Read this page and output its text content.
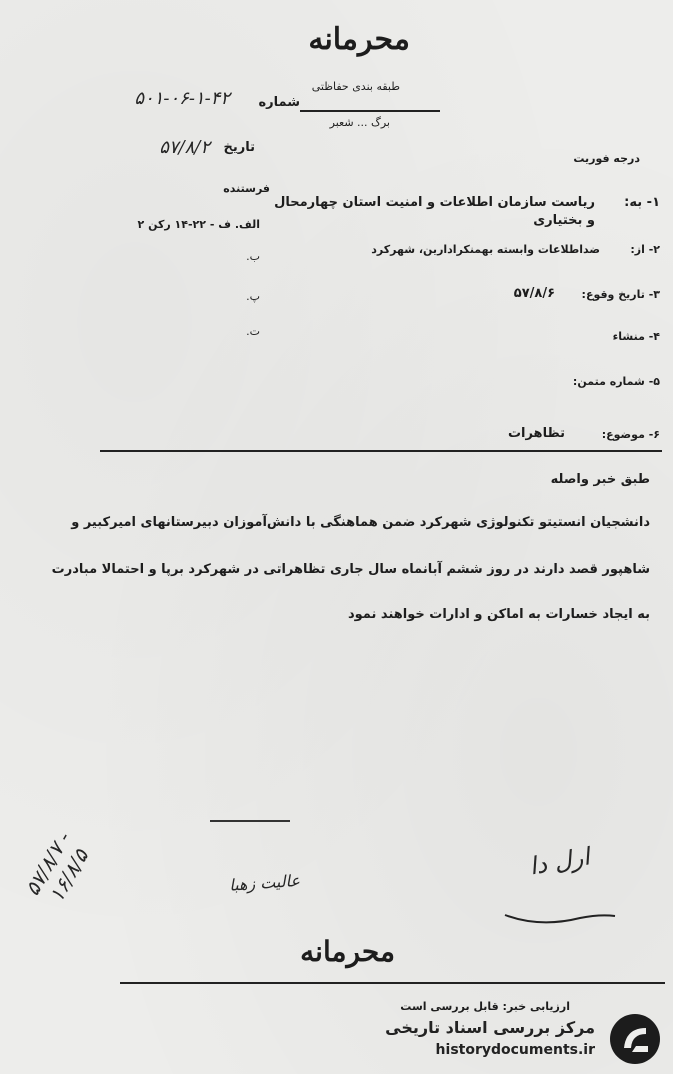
محرمانه
طبقه بندی حفاظتی
برگ ... شعبر
شماره
۵۰۱-۰۶-۱-۴۲
تاریخ
۵۷/۸/۲
درجه فوریت
فرستنده
الف. ف - ۲۲-۱۴ رکن ۲
ب.
پ.
ت.
۱- به:
ریاست سازمان اطلاعات و امنیت استان چهارمحال
و بختیاری
۲- از:
ضداطلاعات وابسته بهمنکرادارین، شهرکرد
۳- تاریخ وقوع:
۵۷/۸/۶
۴- منشاء
۵- شماره متمن:
۶- موضوع:
تظاهرات
طبق خبر واصله
دانشجیان انستیتو تکنولوژی شهرکرد ضمن هماهنگی با دانش‌آموزان دبیرستانهای امیرکبیر و
شاهپور قصد دارند در روز ششم آبانماه سال جاری تظاهراتی در شهرکرد برپا و احتمالا مبادرت
به ایجاد خسارات به اماکن و ادارات خواهند نمود
۵۷/۸/۷ - ۱۶/۸/۵	عالیت زهبا
ارل دا
محرمانه
ارزیابی خبر: قابل بررسی است
مرکز بررسی اسناد تاریخی
historydocuments.ir
